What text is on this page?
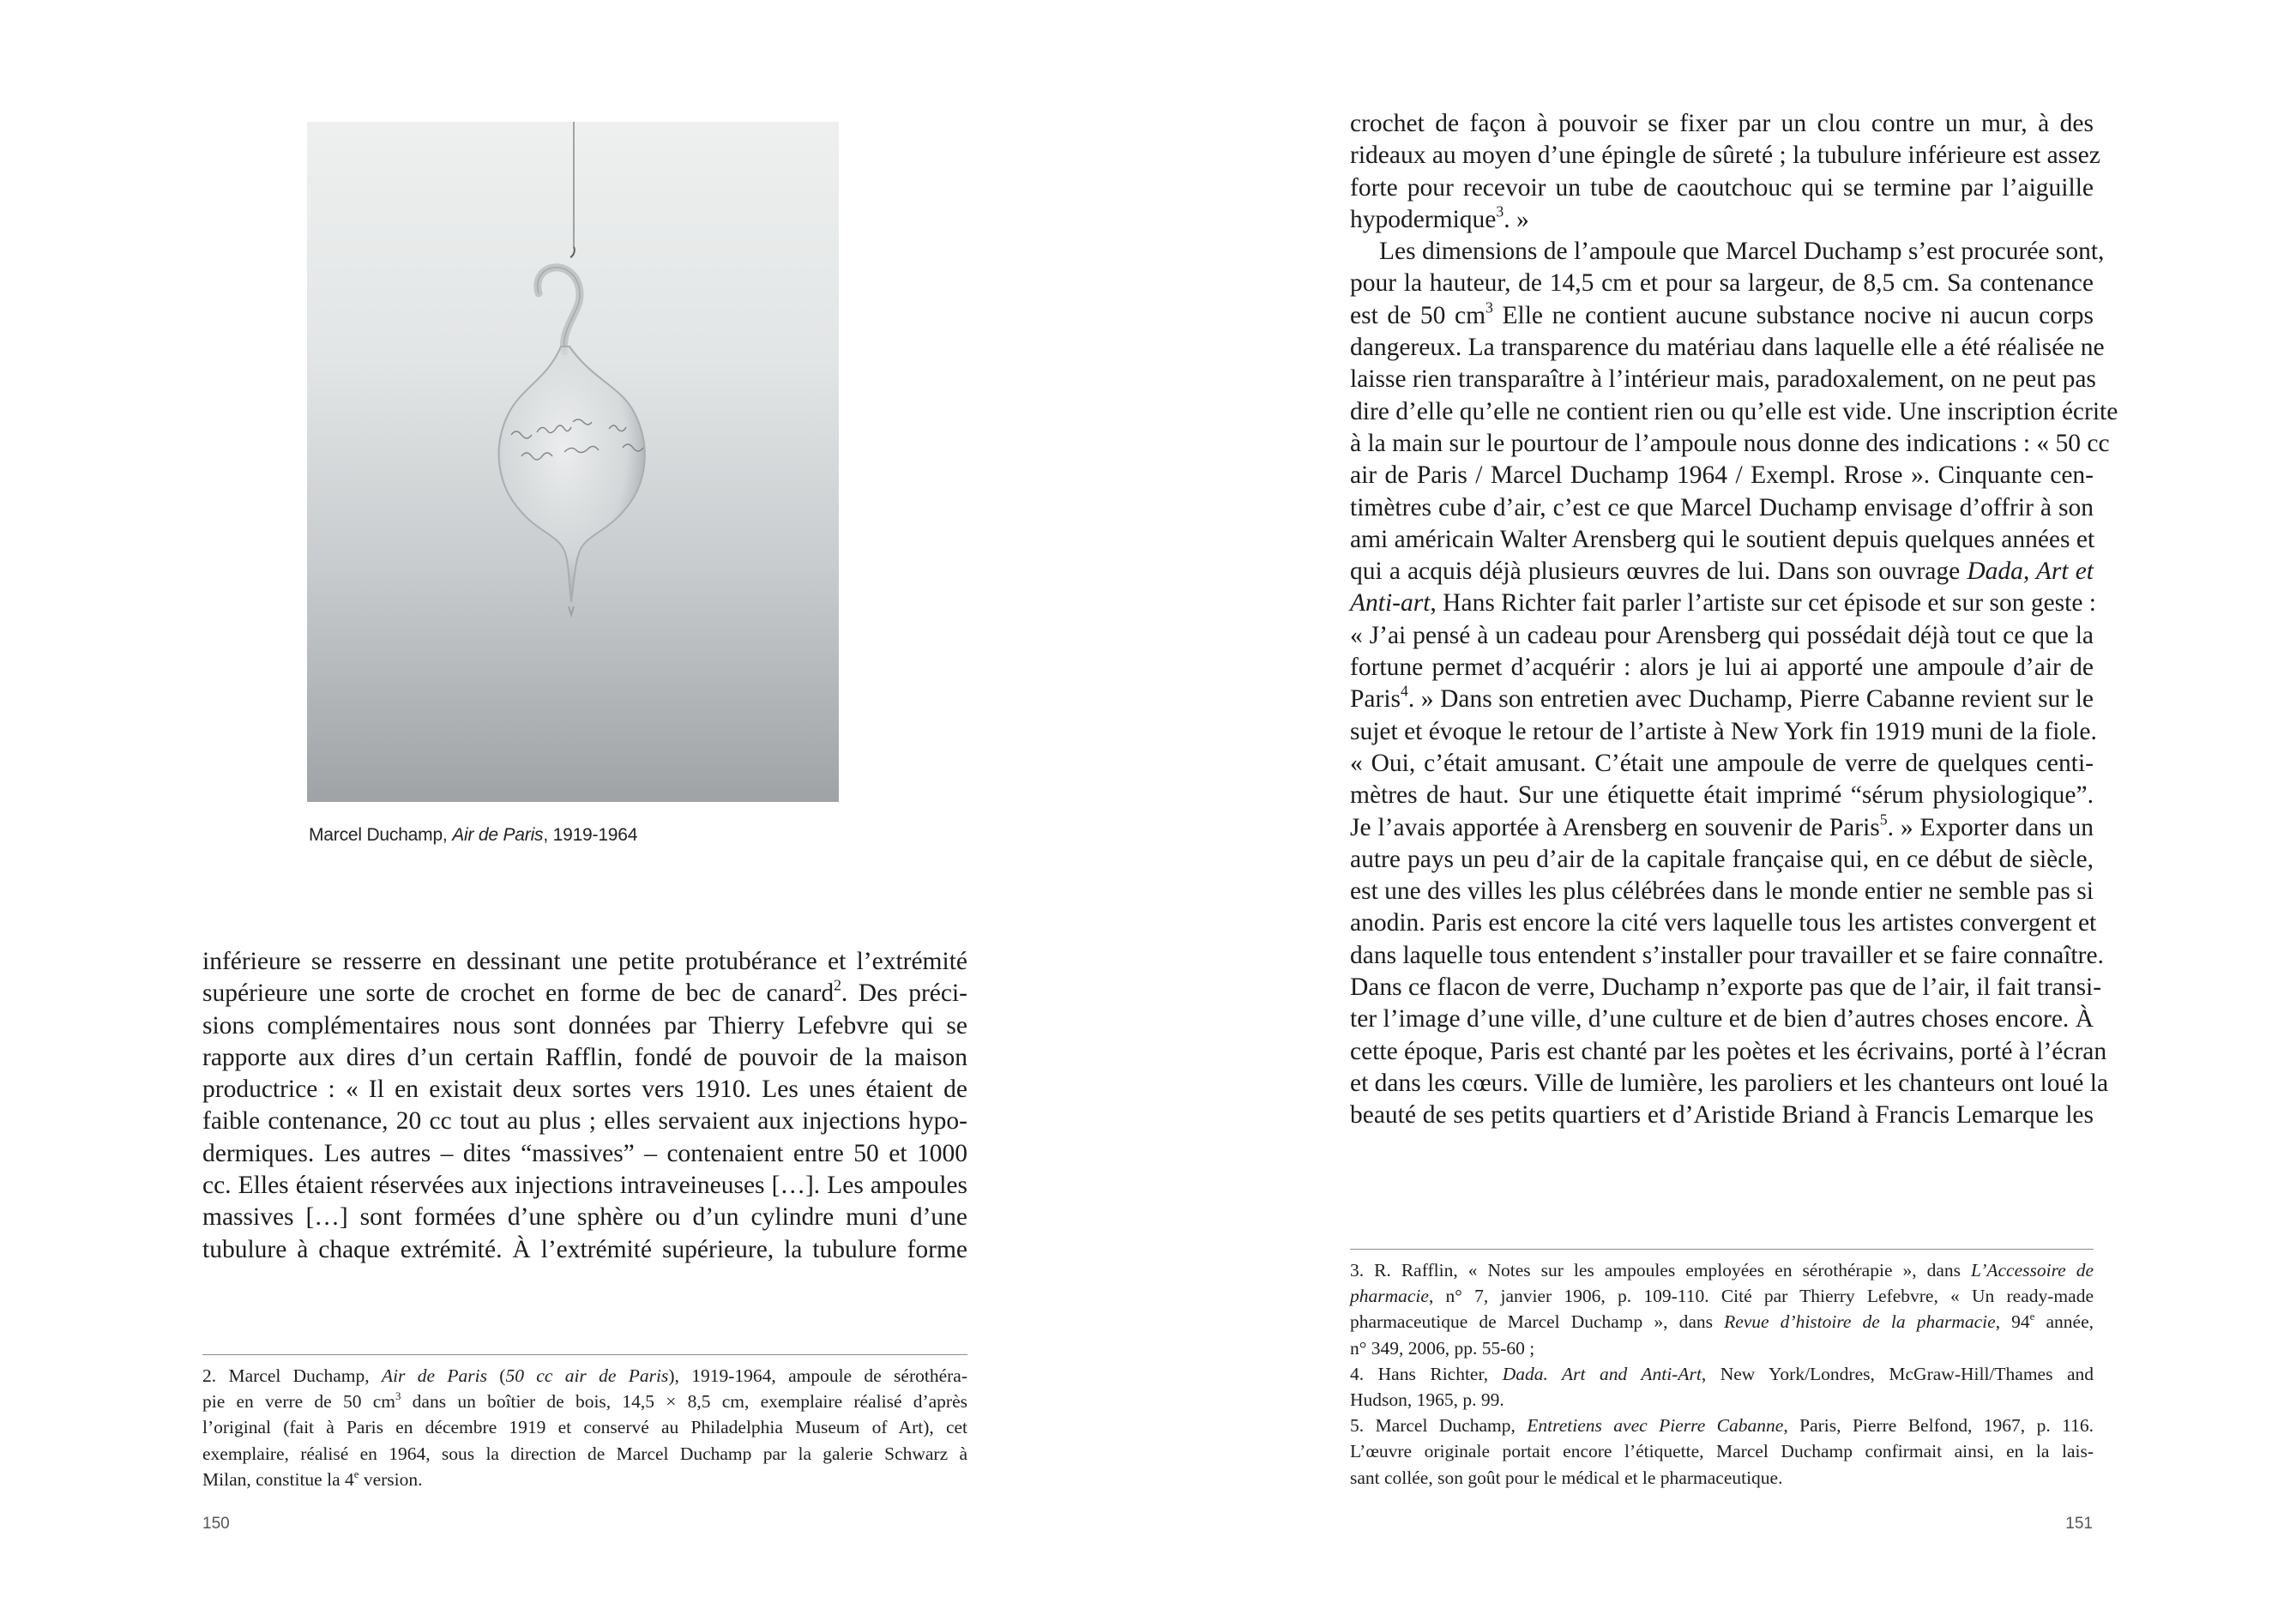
Marcel Duchamp, Air de Paris, 1919-1964
inférieure se resserre en dessinant une petite protubérance et l’extrémité
supérieure une sorte de crochet en forme de bec de canard$^2$. Des préci-
sions complémentaires nous sont données par Thierry Lefebvre qui se
rapporte aux dires d’un certain Rafflin, fondé de pouvoir de la maison
productrice : « Il en existait deux sortes vers 1910. Les unes étaient de
faible contenance, 20 cc tout au plus ; elles servaient aux injections hypo-
dermiques. Les autres – dites “massives” – contenaient entre 50 et 1000
cc. Elles étaient réservées aux injections intraveineuses […]. Les ampoules
massives […] sont formées d’une sphère ou d’un cylindre muni d’une
tubulure à chaque extrémité. À l’extrémité supérieure, la tubulure forme
2. Marcel Duchamp, Air de Paris (50 cc air de Paris), 1919-1964, ampoule de sérothéra-
pie en verre de 50 $cm^3$ dans un boîtier de bois, 14,5 × 8,5 cm, exemplaire réalisé d’après
l’original (fait à Paris en décembre 1919 et conservé au Philadelphia Museum of Art), cet
exemplaire, réalisé en 1964, sous la direction de Marcel Duchamp par la galerie Schwarz à
Milan, constitue la 4e version.
150
crochet de façon à pouvoir se fixer par un clou contre un mur, à des
rideaux au moyen d’une épingle de sûreté ; la tubulure inférieure est assez
forte pour recevoir un tube de caoutchouc qui se termine par l’aiguille
hypodermique$^3$. »
Les dimensions de l’ampoule que Marcel Duchamp s’est procurée sont,
pour la hauteur, de 14,5 cm et pour sa largeur, de 8,5 cm. Sa contenance
est de 50 $cm^3$ Elle ne contient aucune substance nocive ni aucun corps
dangereux. La transparence du matériau dans laquelle elle a été réalisée ne
laisse rien transparaître à l’intérieur mais, paradoxalement, on ne peut pas
dire d’elle qu’elle ne contient rien ou qu’elle est vide. Une inscription écrite
à la main sur le pourtour de l’ampoule nous donne des indications : « 50 cc
air de Paris / Marcel Duchamp 1964 / Exempl. Rrose ». Cinquante cen-
timètres cube d’air, c’est ce que Marcel Duchamp envisage d’offrir à son
ami américain Walter Arensberg qui le soutient depuis quelques années et
qui a acquis déjà plusieurs œuvres de lui. Dans son ouvrage Dada, Art et
Anti-art, Hans Richter fait parler l’artiste sur cet épisode et sur son geste :
« J’ai pensé à un cadeau pour Arensberg qui possédait déjà tout ce que la
fortune permet d’acquérir : alors je lui ai apporté une ampoule d’air de
Paris$^4$. » Dans son entretien avec Duchamp, Pierre Cabanne revient sur le
sujet et évoque le retour de l’artiste à New York fin 1919 muni de la fiole.
« Oui, c’était amusant. C’était une ampoule de verre de quelques centi-
mètres de haut. Sur une étiquette était imprimé “sérum physiologique”.
Je l’avais apportée à Arensberg en souvenir de Paris$^5$. » Exporter dans un
autre pays un peu d’air de la capitale française qui, en ce début de siècle,
est une des villes les plus célébrées dans le monde entier ne semble pas si
anodin. Paris est encore la cité vers laquelle tous les artistes convergent et
dans laquelle tous entendent s’installer pour travailler et se faire connaître.
Dans ce flacon de verre, Duchamp n’exporte pas que de l’air, il fait transi-
ter l’image d’une ville, d’une culture et de bien d’autres choses encore. À
cette époque, Paris est chanté par les poètes et les écrivains, porté à l’écran
et dans les cœurs. Ville de lumière, les paroliers et les chanteurs ont loué la
beauté de ses petits quartiers et d’Aristide Briand à Francis Lemarque les
3. R. Rafflin, « Notes sur les ampoules employées en sérothérapie », dans L’Accessoire de
pharmacie, n° 7, janvier 1906, p. 109-110. Cité par Thierry Lefebvre, « Un ready-made
pharmaceutique de Marcel Duchamp », dans Revue d’histoire de la pharmacie, 94e année,
n° 349, 2006, pp. 55-60 ;
4. Hans Richter, Dada. Art and Anti-Art, New York/Londres, McGraw-Hill/Thames and
Hudson, 1965, p. 99.
5. Marcel Duchamp, Entretiens avec Pierre Cabanne, Paris, Pierre Belfond, 1967, p. 116.
L’œuvre originale portait encore l’étiquette, Marcel Duchamp confirmait ainsi, en la lais-
sant collée, son goût pour le médical et le pharmaceutique.
151
